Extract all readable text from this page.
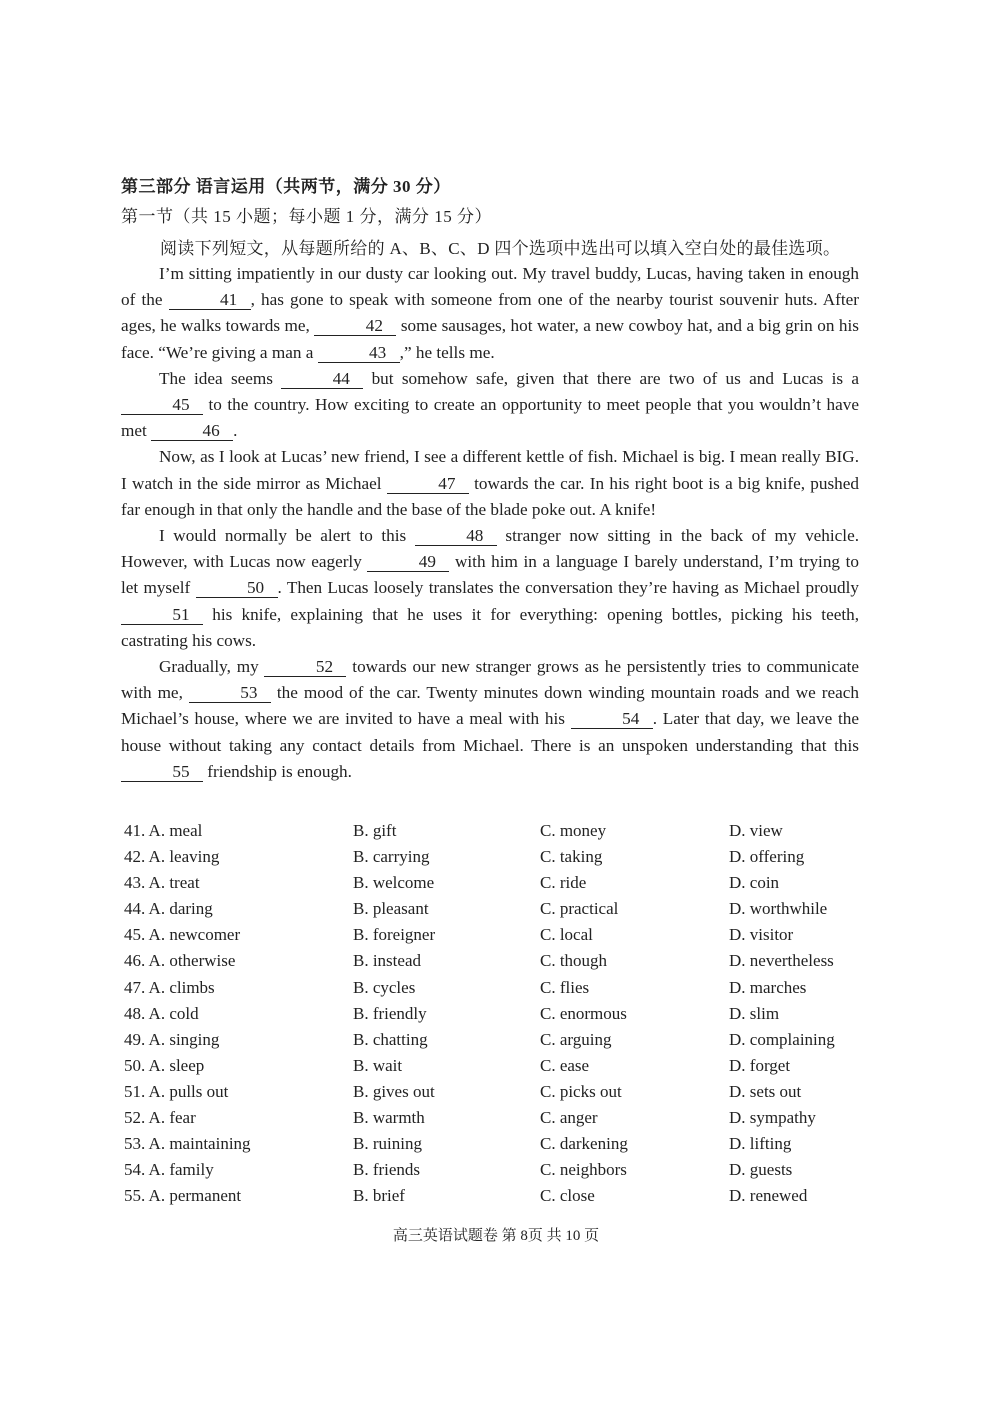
第三部分 语言运用（共两节，满分 30 分）
第一节（共 15 小题；每小题 1 分，满分 15 分）
阅读下列短文，从每题所给的 A、B、C、D 四个选项中选出可以填入空白处的最佳选项。

I’m sitting impatiently in our dusty car looking out. My travel buddy, Lucas, having taken in enough of the	41 , has gone to speak with someone from one of the nearby tourist souvenir huts. After ages, he walks towards me,	42 some sausages, hot water, a new cowboy hat, and a big grin on his face. “We’re giving a man a	43 ,” he tells me.

The idea seems	44 but somehow safe, given that there are two of us and Lucas is a 45 to the country. How exciting to create an opportunity to meet people that you wouldn’t have met	46 .

Now, as I look at Lucas’ new friend, I see a different kettle of fish. Michael is big. I mean really BIG. I watch in the side mirror as Michael	47 towards the car. In his right boot is a big knife, pushed far enough in that only the handle and the base of the blade poke out. A knife!

I would normally be alert to this	48 stranger now sitting in the back of my vehicle. However, with Lucas now eagerly	49 with him in a language I barely understand, I’m trying to let myself	50 . Then Lucas loosely translates the conversation they’re having as Michael proudly 51 his knife, explaining that he uses it for everything: opening bottles, picking his teeth, castrating his cows.

Gradually, my	52 towards our new stranger grows as he persistently tries to communicate with me,	53 the mood of the car. Twenty minutes down winding mountain roads and we reach Michael’s house, where we are invited to have a meal with his	54 . Later that day, we leave the house without taking any contact details from Michael. There is an unspoken understanding that this 55 friendship is enough.

41. A. meal	B. gift	C. money	D. view
42. A. leaving	B. carrying	C. taking	D. offering
43. A. treat	B. welcome	C. ride	D. coin
44. A. daring	B. pleasant	C. practical	D. worthwhile
45. A. newcomer	B. foreigner	C. local	D. visitor
46. A. otherwise	B. instead	C. though	D. nevertheless
47. A. climbs	B. cycles	C. flies	D. marches
48. A. cold	B. friendly	C. enormous	D. slim
49. A. singing	B. chatting	C. arguing	D. complaining
50. A. sleep	B. wait	C. ease	D. forget
51. A. pulls out	B. gives out	C. picks out	D. sets out
52. A. fear	B. warmth	C. anger	D. sympathy
53. A. maintaining	B. ruining	C. darkening	D. lifting
54. A. family	B. friends	C. neighbors	D. guests
55. A. permanent	B. brief	C. close	D. renewed
高三英语试题卷 第 8页 共 10 页
